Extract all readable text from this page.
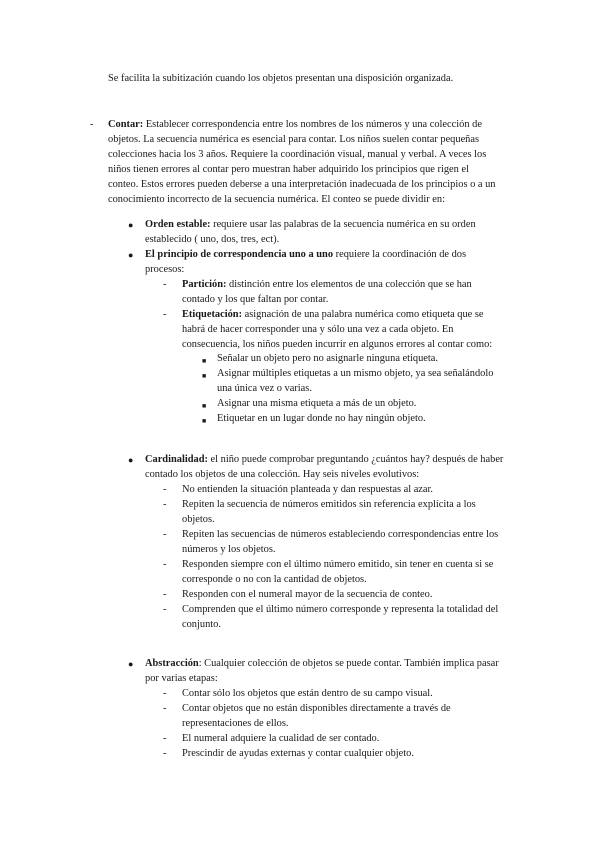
Se facilita la subitización cuando los objetos presentan una disposición organizada.
- Contar: Establecer correspondencia entre los nombres de los números y una colección de
objetos. La secuencia numérica es esencial para contar. Los niños suelen contar pequeñas
colecciones hacia los 3 años. Requiere la coordinación visual, manual y verbal. A veces los
niños tienen errores al contar pero muestran haber adquirido los principios que rigen el
conteo. Estos errores pueden deberse a una interpretación inadecuada de los principios o a un
conocimiento incorrecto de la secuencia numérica. El conteo se puede dividir en:
● Orden estable: requiere usar las palabras de la secuencia numérica en su orden
establecido ( uno, dos, tres, ect).
● El principio de correspondencia uno a uno requiere la coordinación de dos
procesos:
- Partición: distinción entre los elementos de una colección que se han
contado y los que faltan por contar.
- Etiquetación: asignación de una palabra numérica como etiqueta que se
habrá de hacer corresponder una y sólo una vez a cada objeto. En
consecuencia, los niños pueden incurrir en algunos errores al contar como:
■ Señalar un objeto pero no asignarle ninguna etiqueta.
■ Asignar múltiples etiquetas a un mismo objeto, ya sea señalándolo
una única vez o varias.
■ Asignar una misma etiqueta a más de un objeto.
■ Etiquetar en un lugar donde no hay ningún objeto.
● Cardinalidad: el niño puede comprobar preguntando ¿cuántos hay? después de haber
contado los objetos de una colección. Hay seis niveles evolutivos:
- No entienden la situación planteada y dan respuestas al azar.
- Repiten la secuencia de números emitidos sin referencia explícita a los
objetos.
- Repiten las secuencias de números estableciendo correspondencias entre los
números y los objetos.
- Responden siempre con el último número emitido, sin tener en cuenta si se
corresponde o no con la cantidad de objetos.
- Responden con el numeral mayor de la secuencia de conteo.
- Comprenden que el último número corresponde y representa la totalidad del
conjunto.
● Abstracción: Cualquier colección de objetos se puede contar. También implica pasar
por varias etapas:
- Contar sólo los objetos que están dentro de su campo visual.
- Contar objetos que no están disponibles directamente a través de
representaciones de ellos.
- El numeral adquiere la cualidad de ser contado.
- Prescindir de ayudas externas y contar cualquier objeto.
